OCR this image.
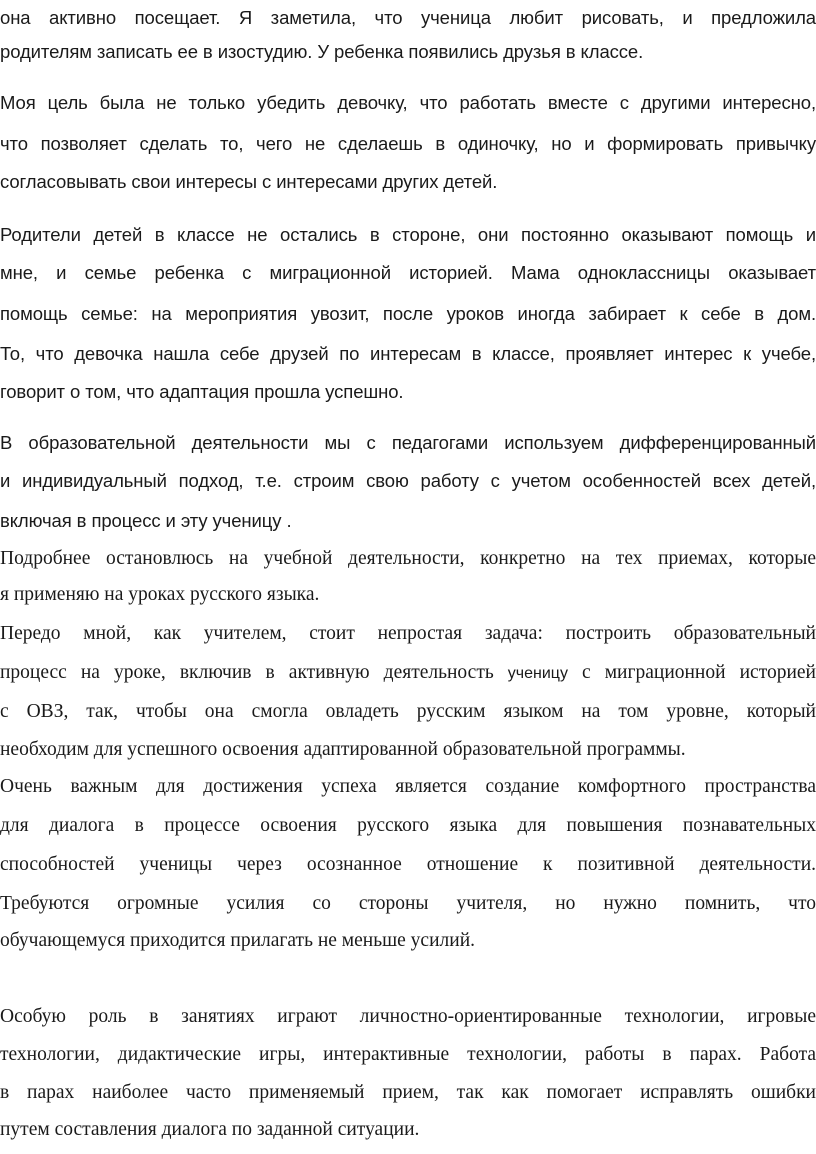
она активно посещает. Я заметила, что ученица любит рисовать, и предложила
родителям записать ее в изостудию. У ребенка появились друзья в классе.
Моя цель была не только убедить девочку, что работать вместе с другими интересно,
что позволяет сделать то, чего не сделаешь в одиночку, но и формировать привычку
согласовывать свои интересы с интересами других детей.
Родители детей в классе не остались в стороне, они постоянно оказывают помощь и
мне, и семье ребенка с миграционной историей. Мама одноклассницы оказывает
помощь семье: на мероприятия увозит, после уроков иногда забирает к себе в дом.
То, что девочка нашла себе друзей по интересам в классе, проявляет интерес к учебе,
говорит о том, что адаптация прошла успешно.
В образовательной деятельности мы с педагогами используем дифференцированный
и индивидуальный подход, т.е. строим свою работу с учетом особенностей всех детей,
включая в процесс и эту ученицу .
Подробнее остановлюсь на учебной деятельности, конкретно на тех приемах, которые
я применяю на уроках русского языка.
Передо мной, как учителем, стоит непростая задача: построить образовательный
процесс на уроке, включив в активную деятельность ученицу с миграционной историей
с ОВЗ, так, чтобы она смогла овладеть русским языком на том уровне, который
необходим для успешного освоения адаптированной образовательной программы.
Очень важным для достижения успеха является создание комфортного пространства
для диалога в процессе освоения русского языка для повышения познавательных
способностей ученицы через осознанное отношение к позитивной деятельности.
Требуются огромные усилия со стороны учителя, но нужно помнить, что
обучающемуся приходится прилагать не меньше усилий.
Особую роль в занятиях играют личностно-ориентированные технологии, игровые
технологии, дидактические игры, интерактивные технологии, работы в парах. Работа
в парах наиболее часто применяемый прием, так как помогает исправлять ошибки
путем составления диалога по заданной ситуации.
